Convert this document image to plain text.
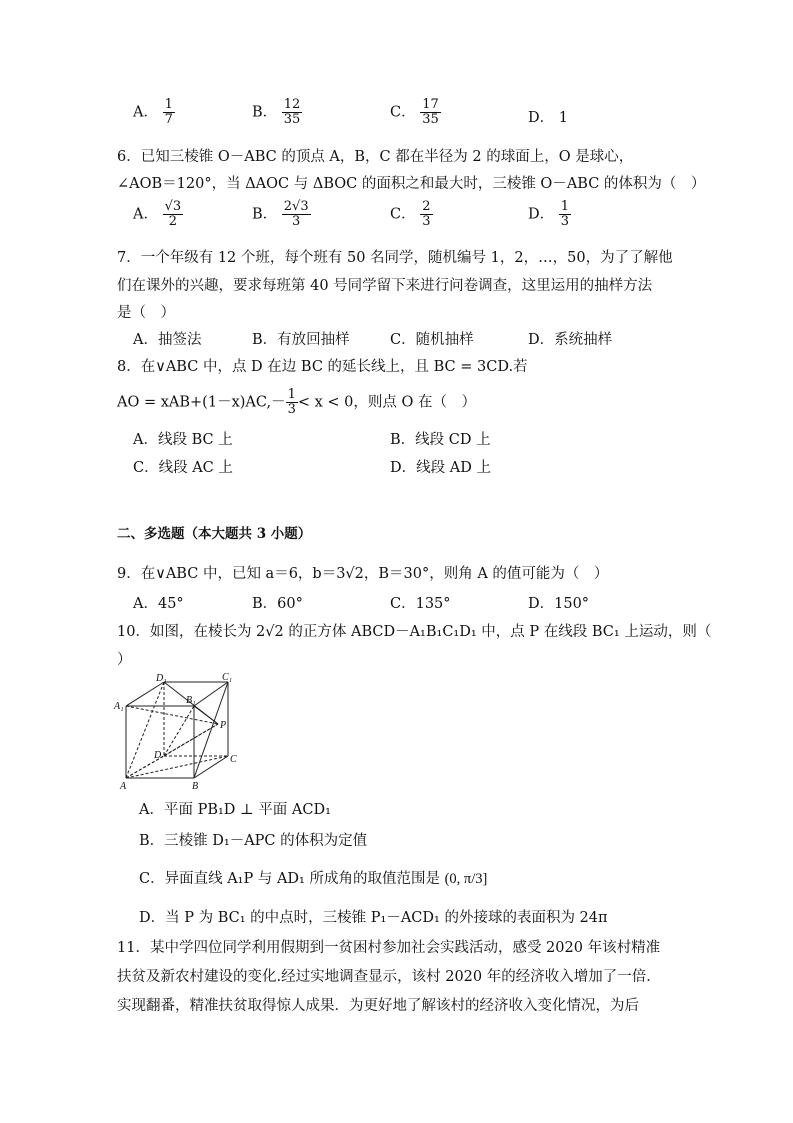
A． $\frac{1}{7}$	B． $\frac{12}{35}$	C． $\frac{17}{35}$	D． 1
6．已知三棱锥 O－ABC 的顶点 A，B，C 都在半径为 2 的球面上，O 是球心，
∠AOB＝120°，当 ΔAOC 与 ΔBOC 的面积之和最大时，三棱锥 O－ABC 的体积为（　）
A． $\frac{√3}{2}$	B． $\frac{2√3}{3}$	C． $\frac{2}{3}$	D． $\frac{1}{3}$
7．一个年级有 12 个班，每个班有 50 名同学，随机编号 1，2，…，50，为了了解他
们在课外的兴趣，要求每班第 40 号同学留下来进行问卷调查，这里运用的抽样方法
是（　）
A．抽签法	B．有放回抽样	C．随机抽样	D．系统抽样
8．在∨ABC 中，点 D 在边 BC 的延长线上，且 BC = 3CD.若
AO = $xAB+(1-x)AC,- \frac{1}{3} < x < 0$，则点 O 在（　）
A．线段 BC 上	B．线段 CD 上
C．线段 AC 上	D．线段 AD 上
二、多选题（本大题共 3 小题）
9．在∨ABC 中，已知 a＝6，b＝3√2，B＝30°，则角 A 的值可能为（　）
A．45°	B．60°	C．135°	D．150°
10．如图，在棱长为 2√2 的正方体 ABCD－A₁B₁C₁D₁ 中，点 P 在线段 BC₁ 上运动，则（
）
D₁	C₁
A₁
B₁
P
D	C
A	B
A．平面 PB₁D ⊥ 平面 ACD₁
B．三棱锥 D₁－APC 的体积为定值
C．异面直线 A₁P 与 AD₁ 所成角的取值范围是 (0, π/3]
D．当 P 为 BC₁ 的中点时，三棱锥 P₁－ACD₁ 的外接球的表面积为 24π
11．某中学四位同学利用假期到一贫困村参加社会实践活动，感受 2020 年该村精准
扶贫及新农村建设的变化.经过实地调查显示，该村 2020 年的经济收入增加了一倍．
实现翻番，精准扶贫取得惊人成果．为更好地了解该村的经济收入变化情况，为后
